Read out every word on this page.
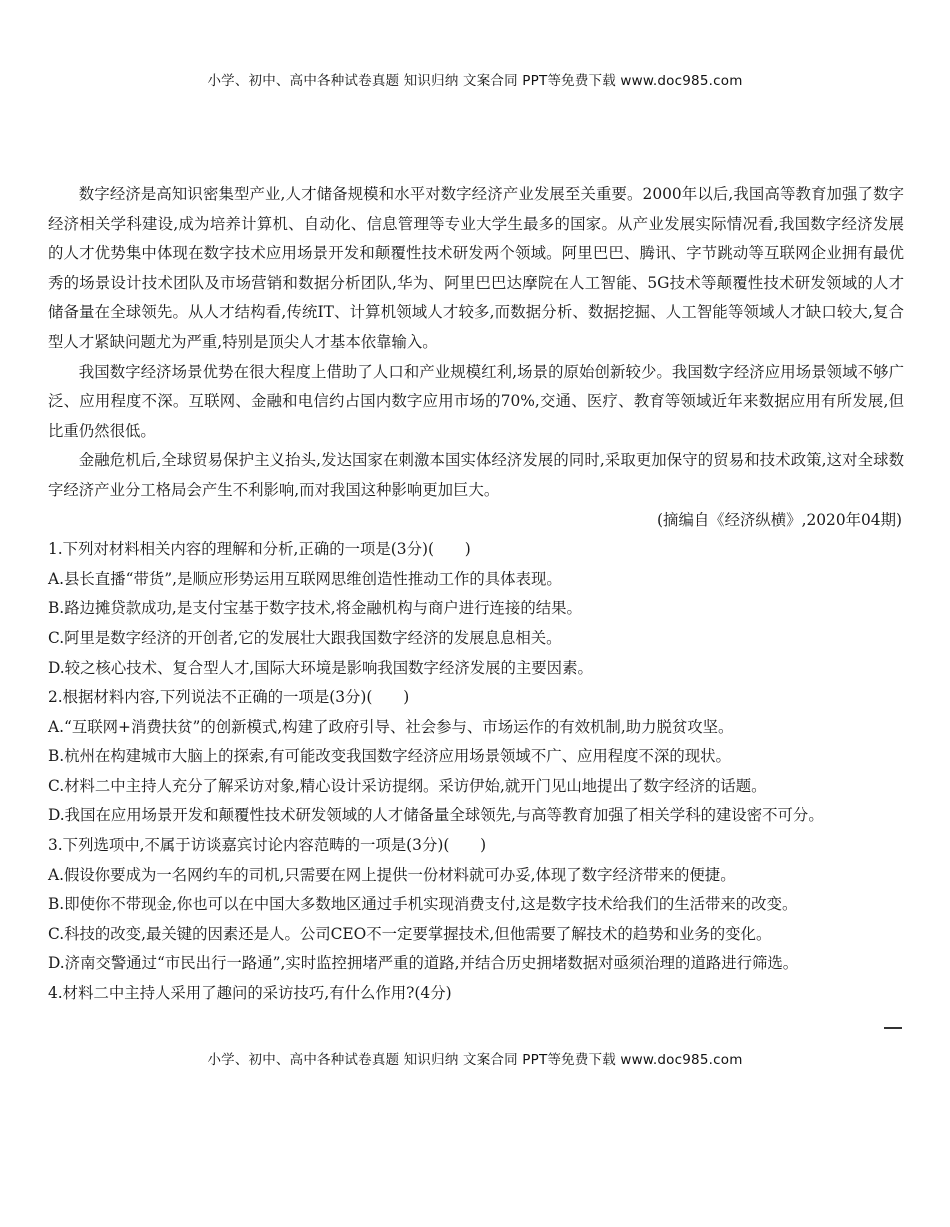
小学、初中、高中各种试卷真题 知识归纳 文案合同 PPT等免费下载 www.doc985.com

数字经济是高知识密集型产业,人才储备规模和水平对数字经济产业发展至关重要。2000年以后,我国高等教育加强了数字经济相关学科建设,成为培养计算机、自动化、信息管理等专业大学生最多的国家。从产业发展实际情况看,我国数字经济发展的人才优势集中体现在数字技术应用场景开发和颠覆性技术研发两个领域。阿里巴巴、腾讯、字节跳动等互联网企业拥有最优秀的场景设计技术团队及市场营销和数据分析团队,华为、阿里巴巴达摩院在人工智能、5G技术等颠覆性技术研发领域的人才储备量在全球领先。从人才结构看,传统IT、计算机领域人才较多,而数据分析、数据挖掘、人工智能等领域人才缺口较大,复合型人才紧缺问题尤为严重,特别是顶尖人才基本依靠输入。

我国数字经济场景优势在很大程度上借助了人口和产业规模红利,场景的原始创新较少。我国数字经济应用场景领域不够广泛、应用程度不深。互联网、金融和电信约占国内数字应用市场的70%,交通、医疗、教育等领域近年来数据应用有所发展,但比重仍然很低。

金融危机后,全球贸易保护主义抬头,发达国家在刺激本国实体经济发展的同时,采取更加保守的贸易和技术政策,这对全球数字经济产业分工格局会产生不利影响,而对我国这种影响更加巨大。

(摘编自《经济纵横》,2020年04期)

1.下列对材料相关内容的理解和分析,正确的一项是(3分)(　　)

A.县长直播“带货”,是顺应形势运用互联网思维创造性推动工作的具体表现。

B.路边摊贷款成功,是支付宝基于数字技术,将金融机构与商户进行连接的结果。

C.阿里是数字经济的开创者,它的发展壮大跟我国数字经济的发展息息相关。

D.较之核心技术、复合型人才,国际大环境是影响我国数字经济发展的主要因素。

2.根据材料内容,下列说法不正确的一项是(3分)(　　)

A.“互联网+消费扶贫”的创新模式,构建了政府引导、社会参与、市场运作的有效机制,助力脱贫攻坚。

B.杭州在构建城市大脑上的探索,有可能改变我国数字经济应用场景领域不广、应用程度不深的现状。

C.材料二中主持人充分了解采访对象,精心设计采访提纲。采访伊始,就开门见山地提出了数字经济的话题。

D.我国在应用场景开发和颠覆性技术研发领域的人才储备量全球领先,与高等教育加强了相关学科的建设密不可分。

3.下列选项中,不属于访谈嘉宾讨论内容范畴的一项是(3分)(　　)

A.假设你要成为一名网约车的司机,只需要在网上提供一份材料就可办妥,体现了数字经济带来的便捷。

B.即使你不带现金,你也可以在中国大多数地区通过手机实现消费支付,这是数字技术给我们的生活带来的改变。

C.科技的改变,最关键的因素还是人。公司CEO不一定要掌握技术,但他需要了解技术的趋势和业务的变化。

D.济南交警通过“市民出行一路通”,实时监控拥堵严重的道路,并结合历史拥堵数据对亟须治理的道路进行筛选。

4.材料二中主持人采用了趣问的采访技巧,有什么作用?(4分)

小学、初中、高中各种试卷真题 知识归纳 文案合同 PPT等免费下载 www.doc985.com
